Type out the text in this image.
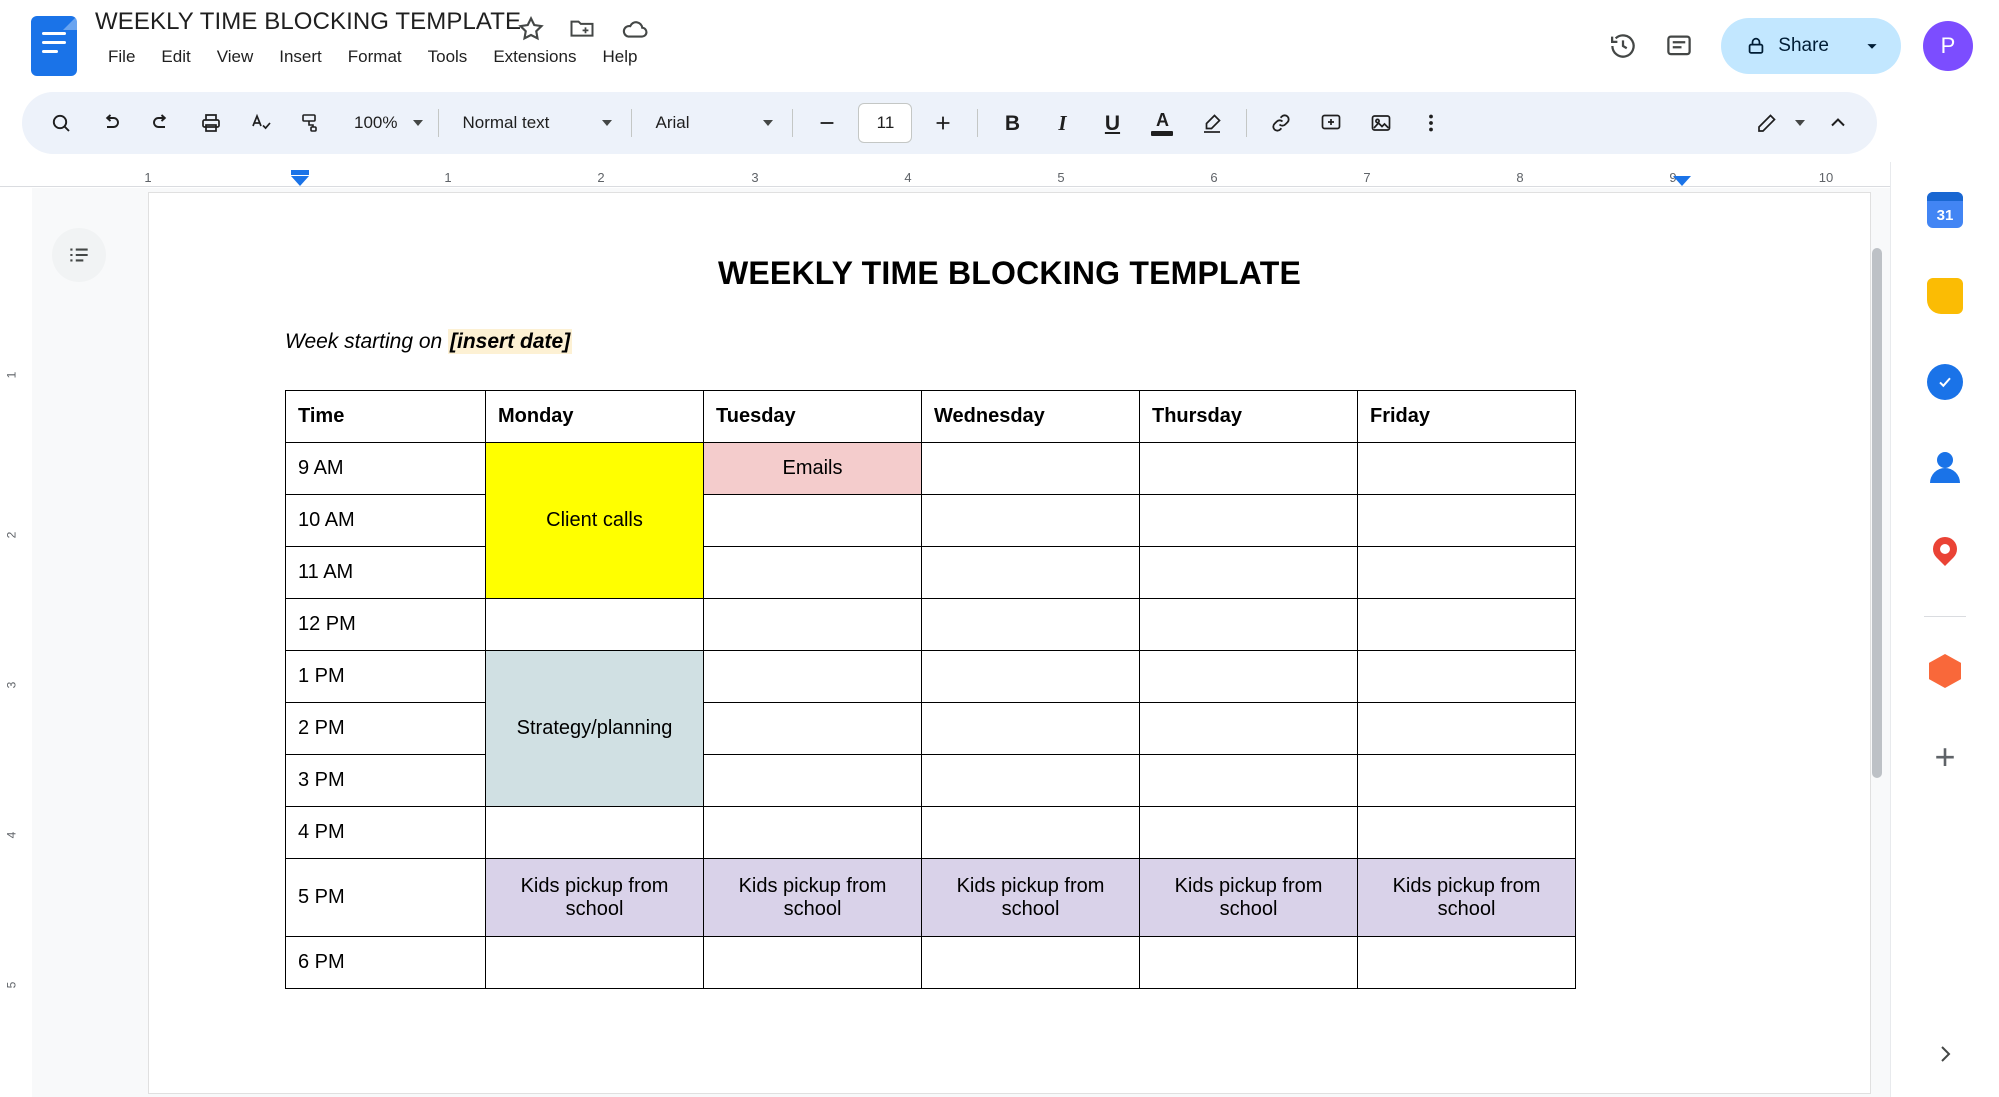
WEEKLY TIME BLOCKING TEMPLATE
File	Edit	View	Insert	Format	Tools	Extensions	Help
Share	P
100%	Normal text	Arial	11	B I U A
1	1	2	3	4	5	6	7	8	9	10
1
2
3
4
5
WEEKLY TIME BLOCKING TEMPLATE
Week starting on [insert date]
Time	Monday	Tuesday	Wednesday	Thursday	Friday
9 AM	Client calls	Emails			
10 AM					
11 AM					
12 PM					
1 PM	Strategy/planning				
2 PM					
3 PM					
4 PM					
5 PM	Kids pickup from school	Kids pickup from school	Kids pickup from school	Kids pickup from school	Kids pickup from school
6 PM					
31
+
